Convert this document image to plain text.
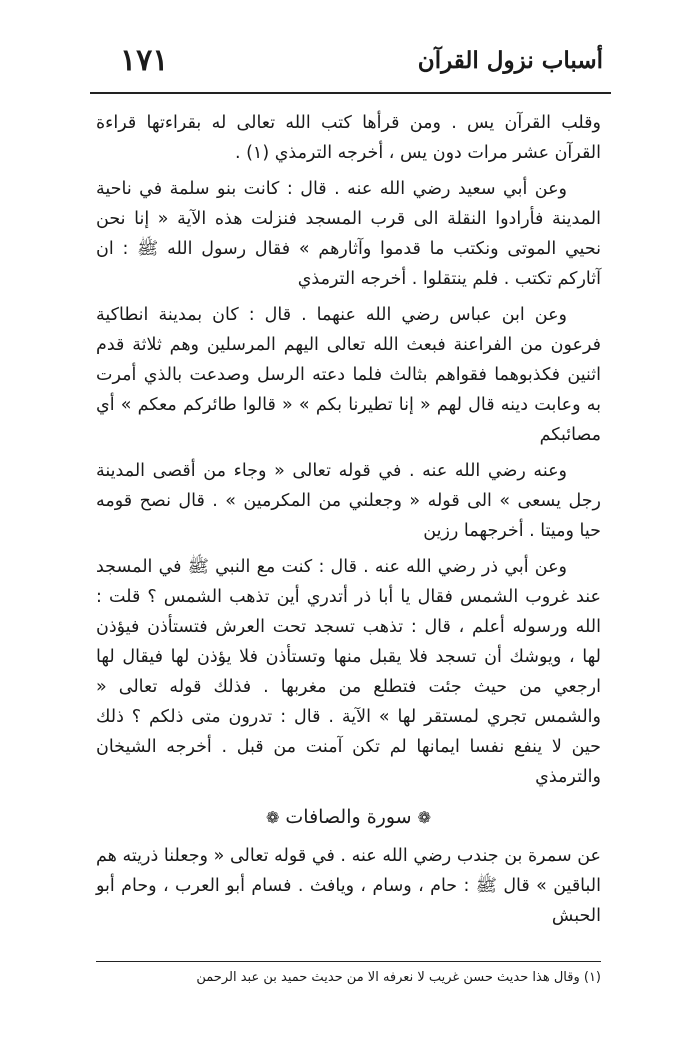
أسباب نزول القرآن
١٧١

وقلب القرآن يس . ومن قرأها كتب الله تعالى له بقراءتها قراءة القرآن عشر مرات دون يس ، أخرجه الترمذي (١) .

وعن أبي سعيد رضي الله عنه . قال : كانت بنو سلمة في ناحية المدينة فأرادوا النقلة الى قرب المسجد فنزلت هذه الآية « إنا نحن نحيي الموتى ونكتب ما قدموا وآثارهم » فقال رسول الله ﷺ : ان آثاركم تكتب . فلم ينتقلوا . أخرجه الترمذي

وعن ابن عباس رضي الله عنهما . قال : كان بمدينة انطاكية فرعون من الفراعنة فبعث الله تعالى اليهم المرسلين وهم ثلاثة قدم اثنين فكذبوهما فقواهم بثالث فلما دعته الرسل وصدعت بالذي أمرت به وعابت دينه قال لهم « إنا تطيرنا بكم » « قالوا طائركم معكم » أي مصائبكم

وعنه رضي الله عنه . في قوله تعالى « وجاء من أقصى المدينة رجل يسعى » الى قوله « وجعلني من المكرمين » . قال نصح قومه حيا وميتا . أخرجهما رزين

وعن أبي ذر رضي الله عنه . قال : كنت مع النبي ﷺ في المسجد عند غروب الشمس فقال يا أبا ذر أتدري أين تذهب الشمس ؟ قلت : الله ورسوله أعلم ، قال : تذهب تسجد تحت العرش فتستأذن فيؤذن لها ، ويوشك أن تسجد فلا يقبل منها وتستأذن فلا يؤذن لها فيقال لها ارجعي من حيث جئت فتطلع من مغربها . فذلك قوله تعالى « والشمس تجري لمستقر لها » الآية . قال : تدرون متى ذلكم ؟ ذلك حين لا ينفع نفسا ايمانها لم تكن آمنت من قبل . أخرجه الشيخان والترمذي

❁سورة والصافات❁

عن سمرة بن جندب رضي الله عنه . في قوله تعالى « وجعلنا ذريته هم الباقين » قال ﷺ : حام ، وسام ، ويافث . فسام أبو العرب ، وحام أبو الحبش

(١) وقال هذا حديث حسن غريب لا نعرفه الا من حديث حميد بن عبد الرحمن
